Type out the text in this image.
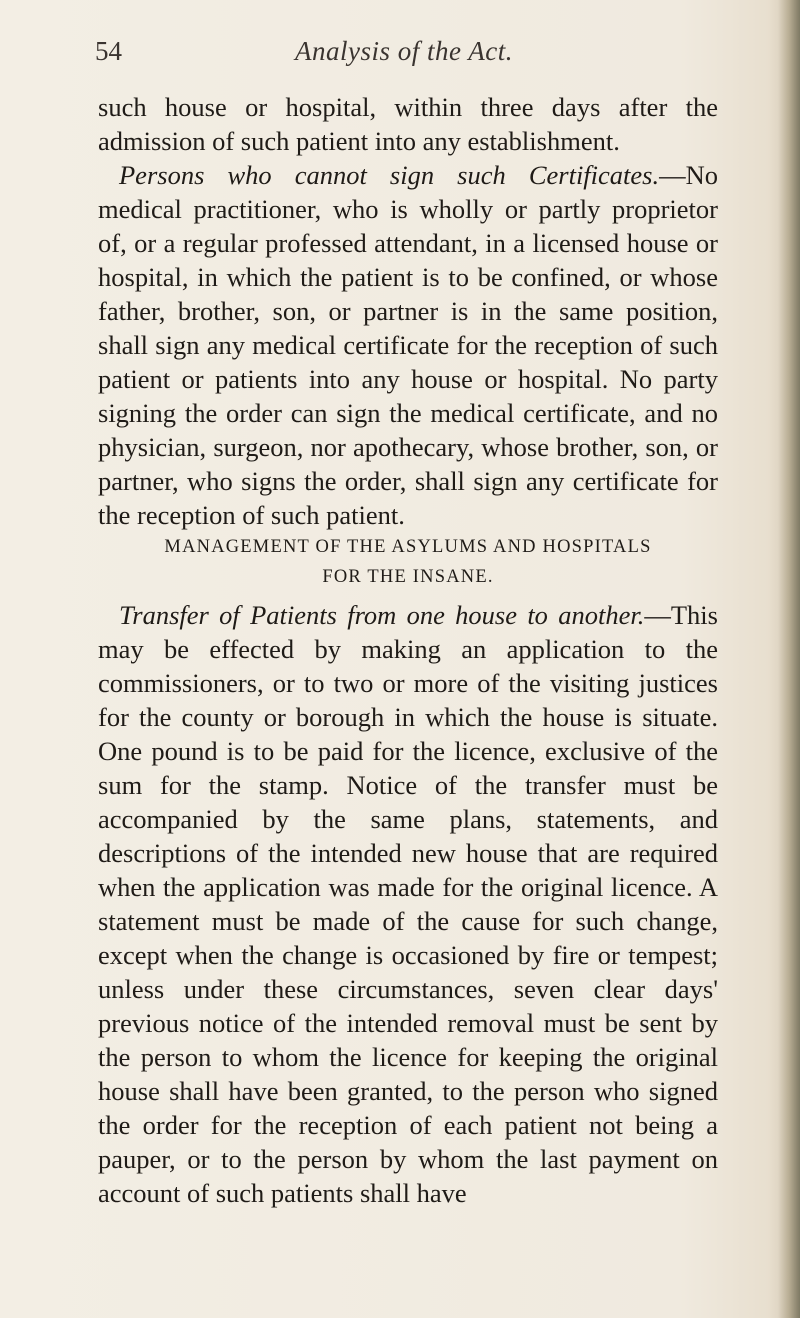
54	Analysis of the Act.

such house or hospital, within three days after the admission of such patient into any establishment.

Persons who cannot sign such Certificates.—No medical practitioner, who is wholly or partly proprietor of, or a regular professed attendant, in a licensed house or hospital, in which the patient is to be confined, or whose father, brother, son, or partner is in the same position, shall sign any medical certificate for the reception of such patient or patients into any house or hospital. No party signing the order can sign the medical certificate, and no physician, surgeon, nor apothecary, whose brother, son, or partner, who signs the order, shall sign any certificate for the reception of such patient.

MANAGEMENT OF THE ASYLUMS AND HOSPITALS
FOR THE INSANE.

Transfer of Patients from one house to another.—This may be effected by making an application to the commissioners, or to two or more of the visiting justices for the county or borough in which the house is situate. One pound is to be paid for the licence, exclusive of the sum for the stamp. Notice of the transfer must be accompanied by the same plans, statements, and descriptions of the intended new house that are required when the application was made for the original licence. A statement must be made of the cause for such change, except when the change is occasioned by fire or tempest; unless under these circumstances, seven clear days' previous notice of the intended removal must be sent by the person to whom the licence for keeping the original house shall have been granted, to the person who signed the order for the reception of each patient not being a pauper, or to the person by whom the last payment on account of such patients shall have
